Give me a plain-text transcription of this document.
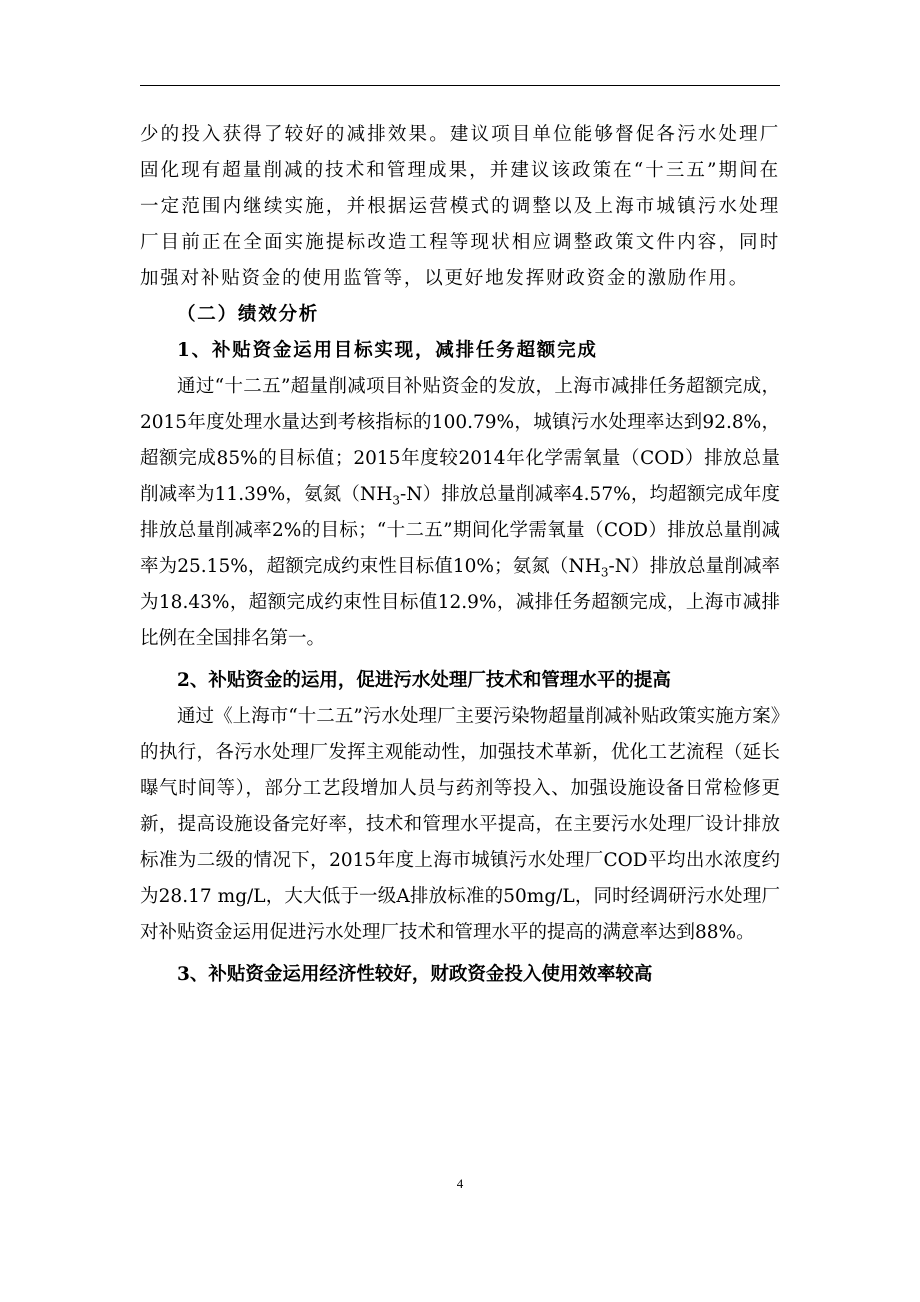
少的投入获得了较好的减排效果。建议项目单位能够督促各污水处理厂固化现有超量削减的技术和管理成果，并建议该政策在“十三五”期间在一定范围内继续实施，并根据运营模式的调整以及上海市城镇污水处理厂目前正在全面实施提标改造工程等现状相应调整政策文件内容，同时加强对补贴资金的使用监管等，以更好地发挥财政资金的激励作用。

（二）绩效分析

1、补贴资金运用目标实现，减排任务超额完成

通过“十二五”超量削减项目补贴资金的发放，上海市减排任务超额完成，2015年度处理水量达到考核指标的100.79%，城镇污水处理率达到92.8%，超额完成85%的目标值；2015年度较2014年化学需氧量（COD）排放总量削减率为11.39%，氨氮$(NH_3-N)$排放总量削减率4.57%，均超额完成年度排放总量削减率2%的目标；“十二五”期间化学需氧量（COD）排放总量削减率为25.15%，超额完成约束性目标值10%；氨氮$(NH_3-N)$排放总量削减率为18.43%，超额完成约束性目标值12.9%，减排任务超额完成，上海市减排比例在全国排名第一。

2、补贴资金的运用，促进污水处理厂技术和管理水平的提高

通过《上海市“十二五”污水处理厂主要污染物超量削减补贴政策实施方案》的执行，各污水处理厂发挥主观能动性，加强技术革新，优化工艺流程（延长曝气时间等），部分工艺段增加人员与药剂等投入、加强设施设备日常检修更新，提高设施设备完好率，技术和管理水平提高，在主要污水处理厂设计排放标准为二级的情况下，2015年度上海市城镇污水处理厂COD平均出水浓度约为28.17 mg/L，大大低于一级A排放标准的50mg/L，同时经调研污水处理厂对补贴资金运用促进污水处理厂技术和管理水平的提高的满意率达到88%。

3、补贴资金运用经济性较好，财政资金投入使用效率较高

4
